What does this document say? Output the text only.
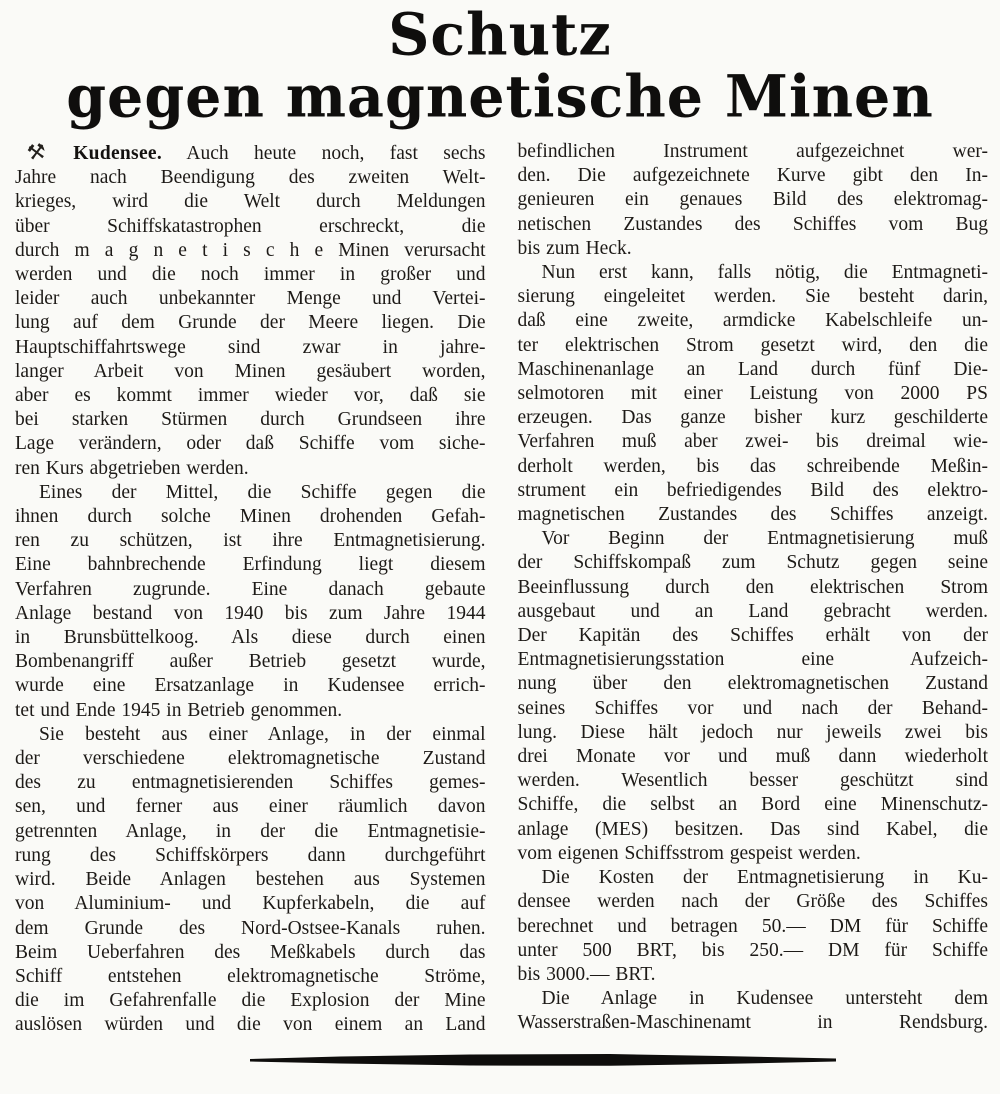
Schutz
gegen magnetische Minen
⚒ Kudensee. Auch heute noch, fast sechs
Jahre nach Beendigung des zweiten Welt-
krieges, wird die Welt durch Meldungen
über Schiffskatastrophen erschreckt, die
durch m a g n e t i s c h e Minen verursacht
werden und die noch immer in großer und
leider auch unbekannter Menge und Vertei-
lung auf dem Grunde der Meere liegen. Die
Hauptschiffahrtswege sind zwar in jahre-
langer Arbeit von Minen gesäubert worden,
aber es kommt immer wieder vor, daß sie
bei starken Stürmen durch Grundseen ihre
Lage verändern, oder daß Schiffe vom siche-
ren Kurs abgetrieben werden.
Eines der Mittel, die Schiffe gegen die
ihnen durch solche Minen drohenden Gefah-
ren zu schützen, ist ihre Entmagnetisierung.
Eine bahnbrechende Erfindung liegt diesem
Verfahren zugrunde. Eine danach gebaute
Anlage bestand von 1940 bis zum Jahre 1944
in Brunsbüttelkoog. Als diese durch einen
Bombenangriff außer Betrieb gesetzt wurde,
wurde eine Ersatzanlage in Kudensee errich-
tet und Ende 1945 in Betrieb genommen.
Sie besteht aus einer Anlage, in der einmal
der verschiedene elektromagnetische Zustand
des zu entmagnetisierenden Schiffes gemes-
sen, und ferner aus einer räumlich davon
getrennten Anlage, in der die Entmagnetisie-
rung des Schiffskörpers dann durchgeführt
wird. Beide Anlagen bestehen aus Systemen
von Aluminium- und Kupferkabeln, die auf
dem Grunde des Nord-Ostsee-Kanals ruhen.
Beim Ueberfahren des Meßkabels durch das
Schiff entstehen elektromagnetische Ströme,
die im Gefahrenfalle die Explosion der Mine
auslösen würden und die von einem an Land
befindlichen Instrument aufgezeichnet wer-
den. Die aufgezeichnete Kurve gibt den In-
genieuren ein genaues Bild des elektromag-
netischen Zustandes des Schiffes vom Bug
bis zum Heck.
Nun erst kann, falls nötig, die Entmagneti-
sierung eingeleitet werden. Sie besteht darin,
daß eine zweite, armdicke Kabelschleife un-
ter elektrischen Strom gesetzt wird, den die
Maschinenanlage an Land durch fünf Die-
selmotoren mit einer Leistung von 2000 PS
erzeugen. Das ganze bisher kurz geschilderte
Verfahren muß aber zwei- bis dreimal wie-
derholt werden, bis das schreibende Meßin-
strument ein befriedigendes Bild des elektro-
magnetischen Zustandes des Schiffes anzeigt.
Vor Beginn der Entmagnetisierung muß
der Schiffskompaß zum Schutz gegen seine
Beeinflussung durch den elektrischen Strom
ausgebaut und an Land gebracht werden.
Der Kapitän des Schiffes erhält von der
Entmagnetisierungsstation eine Aufzeich-
nung über den elektromagnetischen Zustand
seines Schiffes vor und nach der Behand-
lung. Diese hält jedoch nur jeweils zwei bis
drei Monate vor und muß dann wiederholt
werden. Wesentlich besser geschützt sind
Schiffe, die selbst an Bord eine Minenschutz-
anlage (MES) besitzen. Das sind Kabel, die
vom eigenen Schiffsstrom gespeist werden.
Die Kosten der Entmagnetisierung in Ku-
densee werden nach der Größe des Schiffes
berechnet und betragen 50.— DM für Schiffe
unter 500 BRT, bis 250.— DM für Schiffe
bis 3000.— BRT.
Die Anlage in Kudensee untersteht dem
Wasserstraßen-Maschinenamt in Rendsburg.
